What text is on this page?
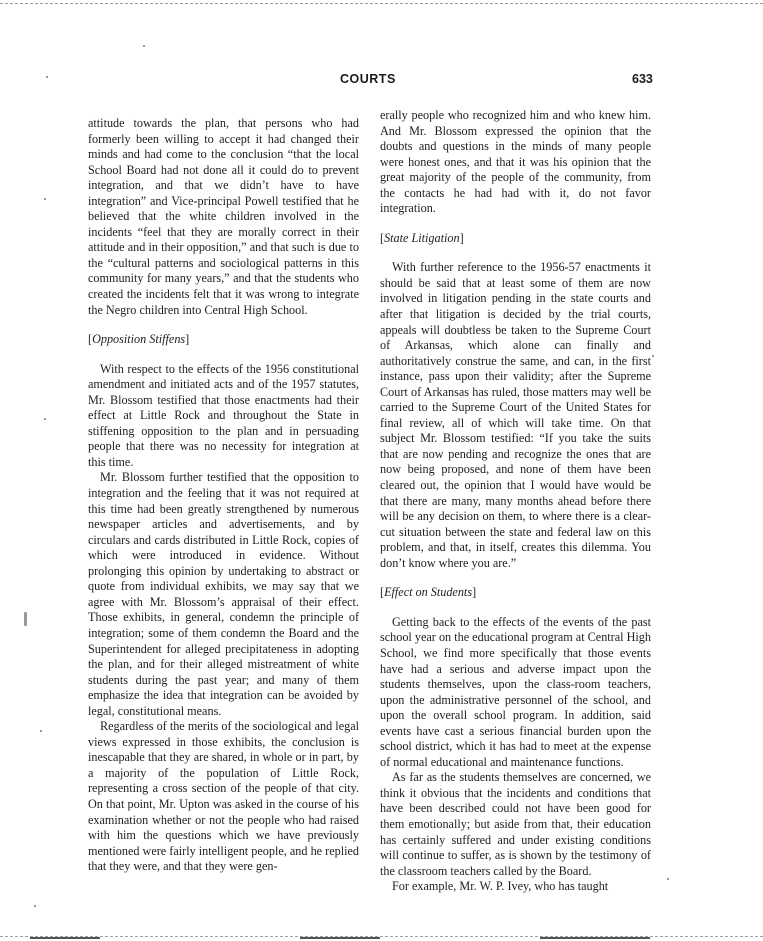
COURTS	633

attitude towards the plan, that persons who had formerly been willing to accept it had changed their minds and had come to the conclusion “that the local School Board had not done all it could do to prevent integration, and that we didn’t have to have integration” and Vice-principal Powell testified that he believed that the white children involved in the incidents “feel that they are morally correct in their attitude and in their opposition,” and that such is due to the “cultural patterns and sociological patterns in this community for many years,” and that the students who created the incidents felt that it was wrong to integrate the Negro children into Central High School.

[Opposition Stiffens]

With respect to the effects of the 1956 constitutional amendment and initiated acts and of the 1957 statutes, Mr. Blossom testified that those enactments had their effect at Little Rock and throughout the State in stiffening opposition to the plan and in persuading people that there was no necessity for integration at this time.

Mr. Blossom further testified that the opposition to integration and the feeling that it was not required at this time had been greatly strengthened by numerous newspaper articles and advertisements, and by circulars and cards distributed in Little Rock, copies of which were introduced in evidence. Without prolonging this opinion by undertaking to abstract or quote from individual exhibits, we may say that we agree with Mr. Blossom’s appraisal of their effect. Those exhibits, in general, condemn the principle of integration; some of them condemn the Board and the Superintendent for alleged precipitateness in adopting the plan, and for their alleged mistreatment of white students during the past year; and many of them emphasize the idea that integration can be avoided by legal, constitutional means.

Regardless of the merits of the sociological and legal views expressed in those exhibits, the conclusion is inescapable that they are shared, in whole or in part, by a majority of the population of Little Rock, representing a cross section of the people of that city. On that point, Mr. Upton was asked in the course of his examination whether or not the people who had raised with him the questions which we have previously mentioned were fairly intelligent people, and he replied that they were, and that they were gen-

erally people who recognized him and who knew him. And Mr. Blossom expressed the opinion that the doubts and questions in the minds of many people were honest ones, and that it was his opinion that the great majority of the people of the community, from the contacts he had had with it, do not favor integration.

[State Litigation]

With further reference to the 1956-57 enactments it should be said that at least some of them are now involved in litigation pending in the state courts and after that litigation is decided by the trial courts, appeals will doubtless be taken to the Supreme Court of Arkansas, which alone can finally and authoritatively construe the same, and can, in the first instance, pass upon their validity; after the Supreme Court of Arkansas has ruled, those matters may well be carried to the Supreme Court of the United States for final review, all of which will take time. On that subject Mr. Blossom testified: “If you take the suits that are now pending and recognize the ones that are now being proposed, and none of them have been cleared out, the opinion that I would have would be that there are many, many months ahead before there will be any decision on them, to where there is a clear-cut situation between the state and federal law on this problem, and that, in itself, creates this dilemma. You don’t know where you are.”

[Effect on Students]

Getting back to the effects of the events of the past school year on the educational program at Central High School, we find more specifically that those events have had a serious and adverse impact upon the students themselves, upon the class-room teachers, upon the administrative personnel of the school, and upon the overall school program. In addition, said events have cast a serious financial burden upon the school district, which it has had to meet at the expense of normal educational and maintenance functions.

As far as the students themselves are concerned, we think it obvious that the incidents and conditions that have been described could not have been good for them emotionally; but aside from that, their education has certainly suffered and under existing conditions will continue to suffer, as is shown by the testimony of the classroom teachers called by the Board.

For example, Mr. W. P. Ivey, who has taught
